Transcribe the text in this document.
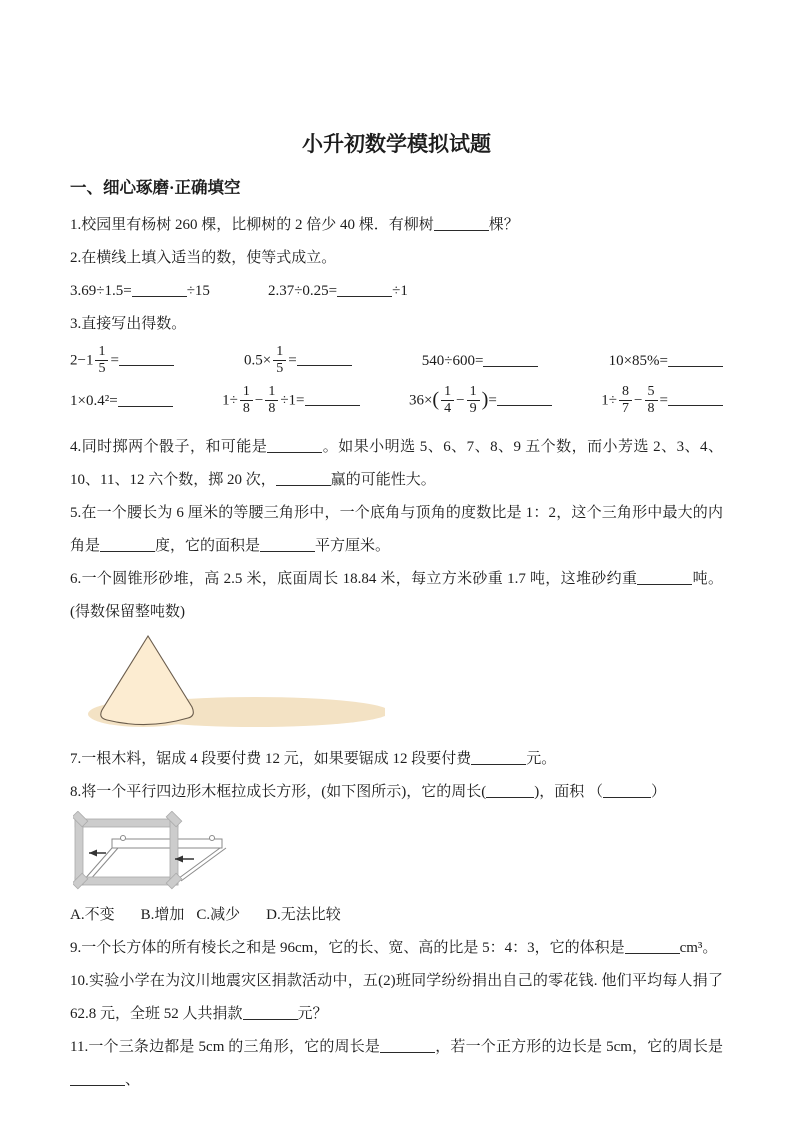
小升初数学模拟试题
一、细心琢磨·正确填空

1.校园里有杨树 260 棵，比柳树的 2 倍少 40 棵．有柳树	棵？

2.在横线上填入适当的数，使等式成立。

3.69÷1.5=	÷15	2.37÷0.25=	÷1

3.直接写出得数。

$2-1 \frac{1}{5}$ =	$0.5\times \frac{1}{5}$ =	540÷600=	10×85%=
1×0.4²=	$1\div \frac{1}{8} - \frac{1}{8} \div 1=$	$36\times( \frac{1}{4} - \frac{1}{9}$ )=	$1\div \frac{8}{7} - \frac{5}{8}$ =

4.同时掷两个骰子，和可能是	。如果小明选 5、6、7、8、9 五个数，而小芳选 2、3、4、10、11、12 六个数，掷 20 次，	赢的可能性大。

5.在一个腰长为 6 厘米的等腰三角形中，一个底角与顶角的度数比是 1：2，这个三角形中最大的内角是	度，它的面积是	平方厘米。

6.一个圆锥形砂堆，高 2.5 米，底面周长 18.84 米，每立方米砂重 1.7 吨，这堆砂约重	吨。(得数保留整吨数)

7.一根木料，锯成 4 段要付费 12 元，如果要锯成 12 段要付费	元。

8.将一个平行四边形木框拉成长方形，(如下图所示)，它的周长(	)，面积 （	）

A.不变 B.增加 C.减少 D.无法比较

9.一个长方体的所有棱长之和是 96cm，它的长、宽、高的比是 5：4：3，它的体积是	cm³。

10.实验小学在为汶川地震灾区捐款活动中，五(2)班同学纷纷捐出自己的零花钱. 他们平均每人捐了 62.8 元，全班 52 人共捐款	元？

11.一个三条边都是 5cm 的三角形，它的周长是	，若一个正方形的边长是 5cm，它的周长是、
